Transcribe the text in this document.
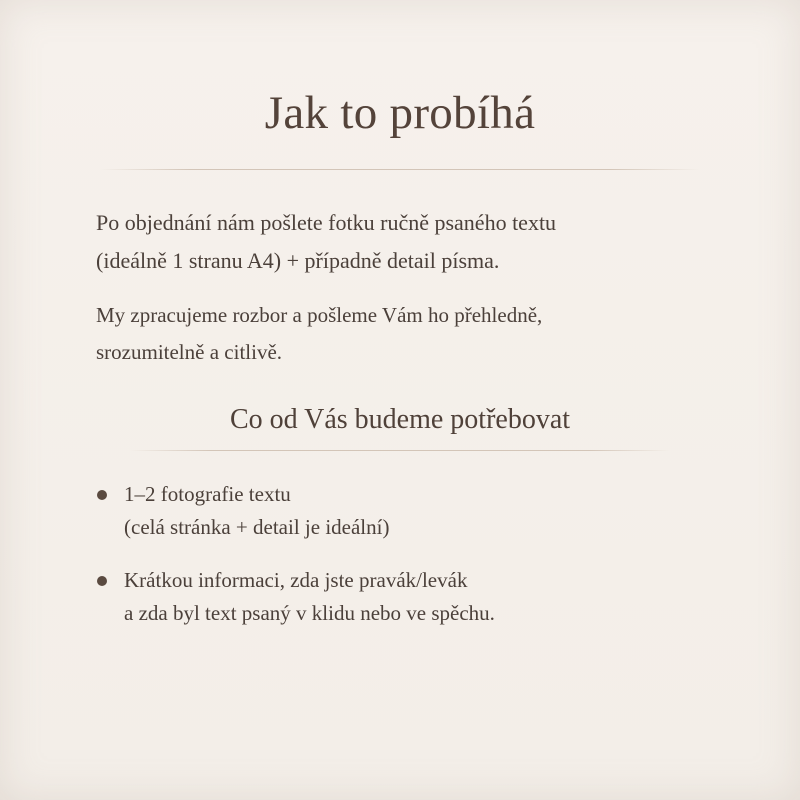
Jak to probíhá

Po objednání nám pošlete fotku ručně psaného textu
(ideálně 1 stranu A4) + případně detail písma.

My zpracujeme rozbor a pošleme Vám ho přehledně,
srozumitelně a citlivě.

Co od Vás budeme potřebovat
1–2 fotografie textu
(celá stránka + detail je ideální)
Krátkou informaci, zda jste pravák/levák
a zda byl text psaný v klidu nebo ve spěchu.
